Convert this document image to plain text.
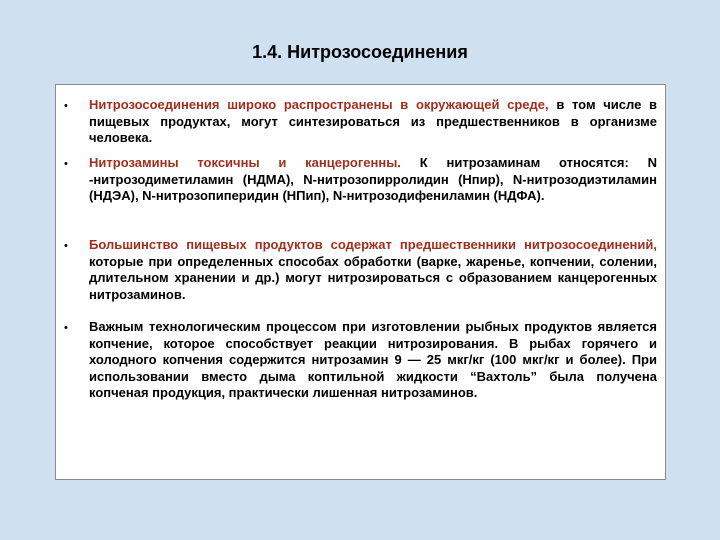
1.4. Нитрозосоединения
• Нитрозосоединения широко распространены в окружающей среде, в том числе в пищевых продуктах, могут синтезироваться из предшественников в организме человека.
• Нитрозамины токсичны и канцерогенны. К нитрозаминам относятся: N -нитрозодиметиламин (НДМА), N-нитрозопирролидин (Нпир), N-нитрозодиэтиламин (НДЭА), N-нитрозопиперидин (НПип), N-нитрозодифениламин (НДФА).
• Большинство пищевых продуктов содержат предшественники нитрозосоединений, которые при определенных способах обработки (варке, жаренье, копчении, солении, длительном хранении и др.) могут нитрозироваться с образованием канцерогенных нитрозаминов.
• Важным технологическим процессом при изготовлении рыбных продуктов является копчение, которое способствует реакции нитрозирования. В рыбах горячего и холодного копчения содержится нитрозамин 9 — 25 мкг/кг (100 мкг/кг и более). При использовании вместо дыма коптильной жидкости “Вахтоль” была получена копченая продукция, практически лишенная нитрозаминов.
